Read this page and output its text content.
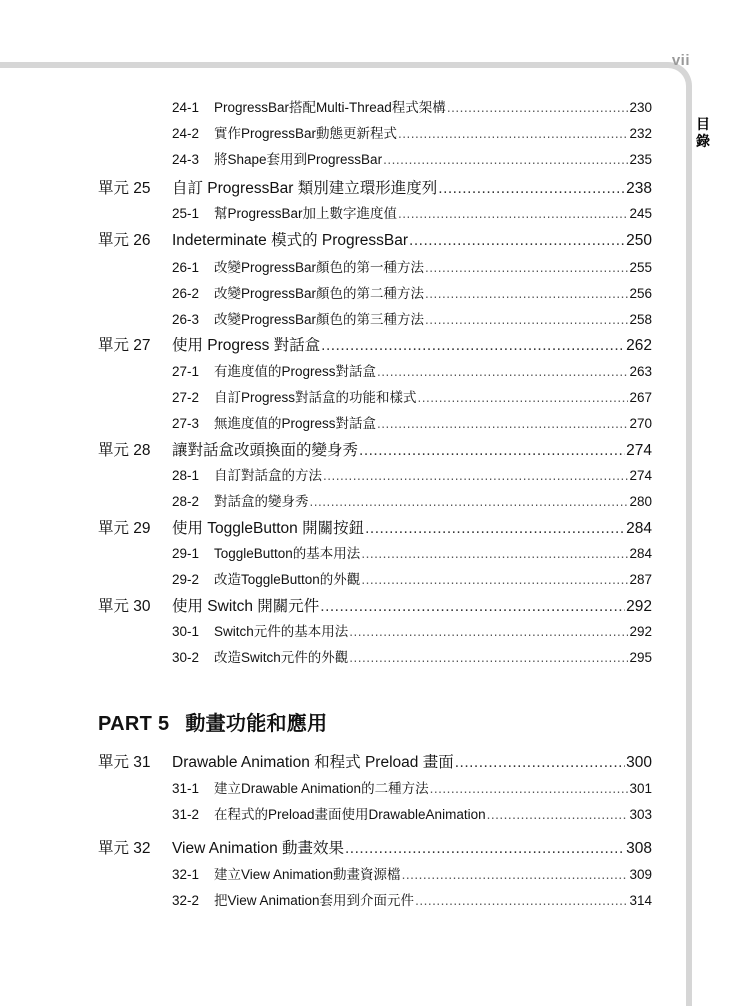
vii
目
錄
24-1	ProgressBar搭配Multi-Thread程式架構 .....	230
24-2	實作ProgressBar動態更新程式 .....	232
24-3	將Shape套用到ProgressBar .....	235
單元 25	自訂 ProgressBar 類別建立環形進度列 .....	238
25-1	幫ProgressBar加上數字進度值 .....	245
單元 26	Indeterminate 模式的 ProgressBar .....	250
26-1	改變ProgressBar顏色的第一種方法 .....	255
26-2	改變ProgressBar顏色的第二種方法 .....	256
26-3	改變ProgressBar顏色的第三種方法 .....	258
單元 27	使用 Progress 對話盒 .....	262
27-1	有進度值的Progress對話盒 .....	263
27-2	自訂Progress對話盒的功能和樣式 .....	267
27-3	無進度值的Progress對話盒 .....	270
單元 28	讓對話盒改頭換面的變身秀 .....	274
28-1	自訂對話盒的方法 .....	274
28-2	對話盒的變身秀 .....	280
單元 29	使用 ToggleButton 開關按鈕 .....	284
29-1	ToggleButton的基本用法 .....	284
29-2	改造ToggleButton的外觀 .....	287
單元 30	使用 Switch 開關元件 .....	292
30-1	Switch元件的基本用法 .....	292
30-2	改造Switch元件的外觀 .....	295
PART 5 動畫功能和應用
單元 31	Drawable Animation 和程式 Preload 畫面 .....	300
31-1	建立Drawable Animation的二種方法 .....	301
31-2	在程式的Preload畫面使用DrawableAnimation .....	303
單元 32	View Animation 動畫效果 .....	308
32-1	建立View Animation動畫資源檔 .....	309
32-2	把View Animation套用到介面元件 .....	314
